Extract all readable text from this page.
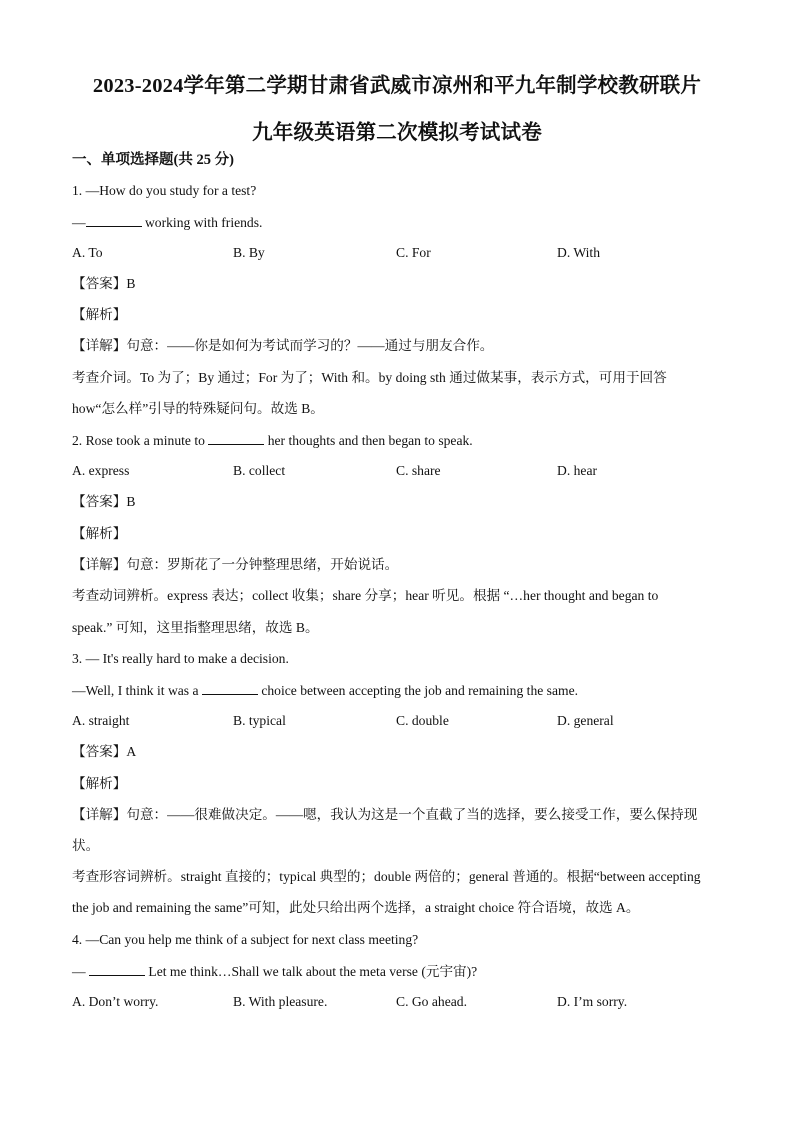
2023-2024学年第二学期甘肃省武威市凉州和平九年制学校教研联片
九年级英语第二次模拟考试试卷
一、单项选择题(共 25 分)
1. —How do you study for a test?
—	working with friends.
A. To	B. By	C. For	D. With
【答案】B
【解析】
【详解】句意：——你是如何为考试而学习的？——通过与朋友合作。
考查介词。To 为了；By 通过；For 为了；With 和。by doing sth 通过做某事，表示方式，可用于回答
how“怎么样”引导的特殊疑问句。故选 B。
2. Rose took a minute to	her thoughts and then began to speak.
A. express	B. collect	C. share	D. hear
【答案】B
【解析】
【详解】句意：罗斯花了一分钟整理思绪，开始说话。
考查动词辨析。express 表达；collect 收集；share 分享；hear 听见。根据 “…her thought and began to
speak.” 可知，这里指整理思绪，故选 B。
3. — It's really hard to make a decision.
—Well, I think it was a	choice between accepting the job and remaining the same.
A. straight	B. typical	C. double	D. general
【答案】A
【解析】
【详解】句意：——很难做决定。——嗯，我认为这是一个直截了当的选择，要么接受工作，要么保持现
状。
考查形容词辨析。straight 直接的；typical 典型的；double 两倍的；general 普通的。根据“between accepting
the job and remaining the same”可知，此处只给出两个选择，a straight choice 符合语境，故选 A。
4. —Can you help me think of a subject for next class meeting?
—	Let me think…Shall we talk about the meta verse (元宇宙)?
A. Don’t worry.	B. With pleasure.	C. Go ahead.	D. I’m sorry.
